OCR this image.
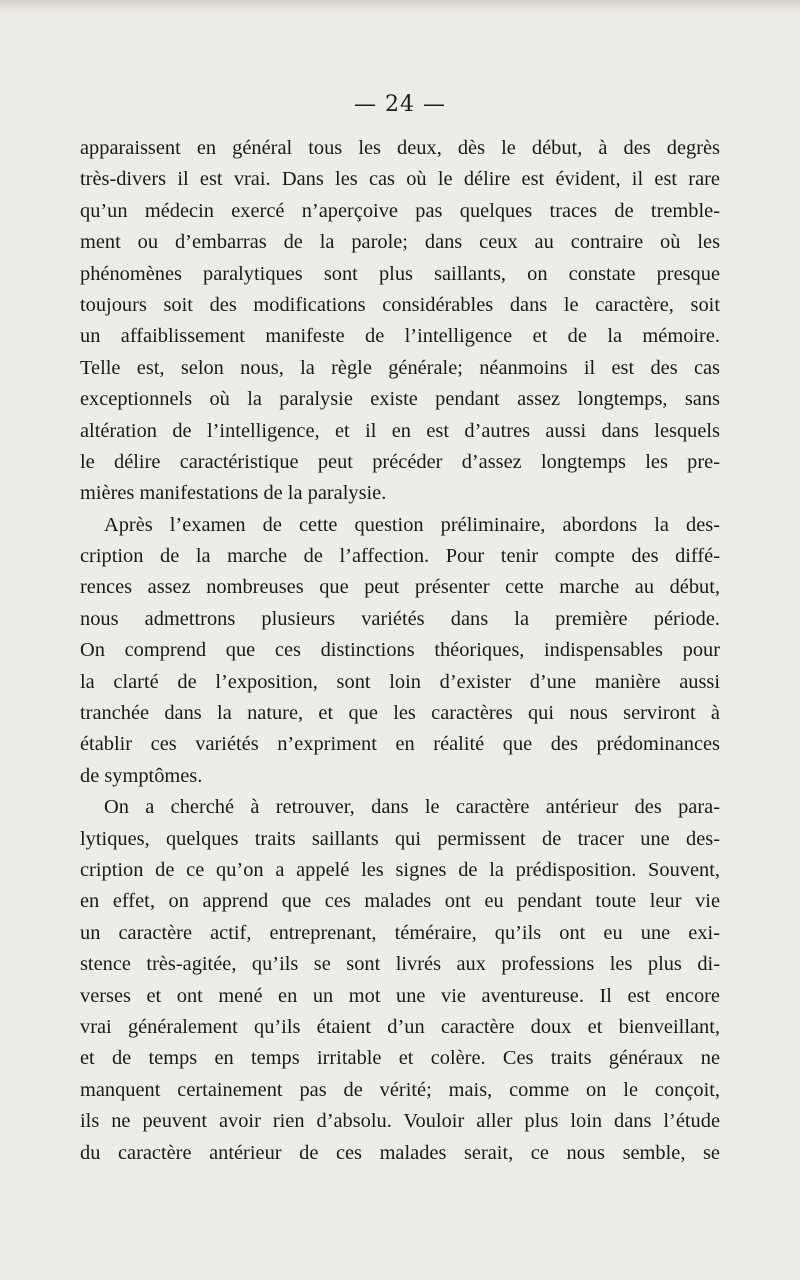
— 24 —
apparaissent en général tous les deux, dès le début, à des degrès
très-divers il est vrai. Dans les cas où le délire est évident, il est rare
qu’un médecin exercé n’aperçoive pas quelques traces de tremble-
ment ou d’embarras de la parole; dans ceux au contraire où les
phénomènes paralytiques sont plus saillants, on constate presque
toujours soit des modifications considérables dans le caractère, soit
un affaiblissement manifeste de l’intelligence et de la mémoire.
Telle est, selon nous, la règle générale; néanmoins il est des cas
exceptionnels où la paralysie existe pendant assez longtemps, sans
altération de l’intelligence, et il en est d’autres aussi dans lesquels
le délire caractéristique peut précéder d’assez longtemps les pre-
mières manifestations de la paralysie.
Après l’examen de cette question préliminaire, abordons la des-
cription de la marche de l’affection. Pour tenir compte des diffé-
rences assez nombreuses que peut présenter cette marche au début,
nous admettrons plusieurs variétés dans la première période.
On comprend que ces distinctions théoriques, indispensables pour
la clarté de l’exposition, sont loin d’exister d’une manière aussi
tranchée dans la nature, et que les caractères qui nous serviront à
établir ces variétés n’expriment en réalité que des prédominances
de symptômes.
On a cherché à retrouver, dans le caractère antérieur des para-
lytiques, quelques traits saillants qui permissent de tracer une des-
cription de ce qu’on a appelé les signes de la prédisposition. Souvent,
en effet, on apprend que ces malades ont eu pendant toute leur vie
un caractère actif, entreprenant, téméraire, qu’ils ont eu une exi-
stence très-agitée, qu’ils se sont livrés aux professions les plus di-
verses et ont mené en un mot une vie aventureuse. Il est encore
vrai généralement qu’ils étaient d’un caractère doux et bienveillant,
et de temps en temps irritable et colère. Ces traits généraux ne
manquent certainement pas de vérité; mais, comme on le conçoit,
ils ne peuvent avoir rien d’absolu. Vouloir aller plus loin dans l’étude
du caractère antérieur de ces malades serait, ce nous semble, se
